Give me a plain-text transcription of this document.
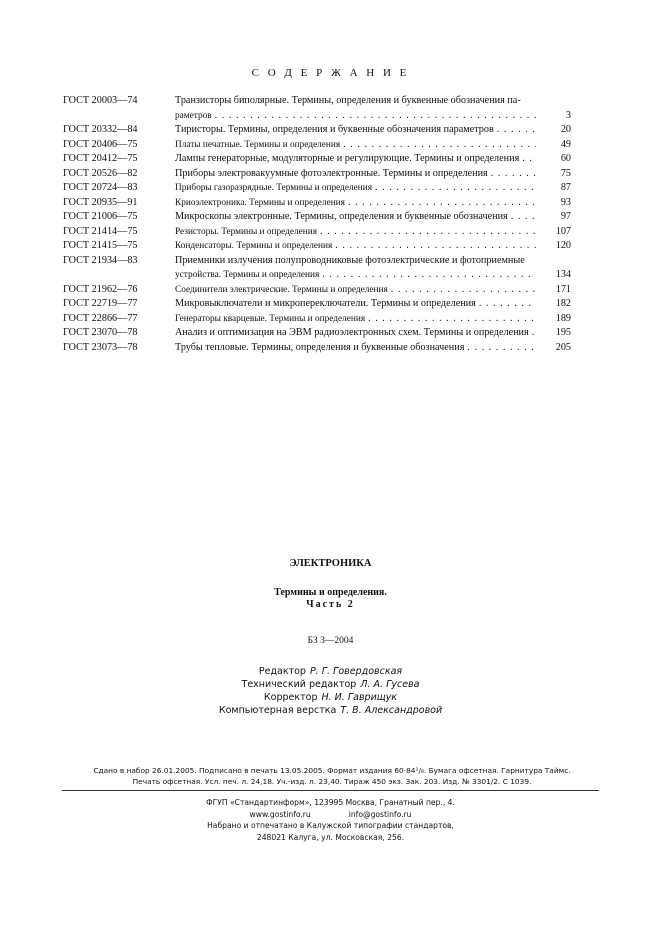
С О Д Е Р Ж А Н И Е
ГОСТ 20003—74	Транзисторы биполярные. Термины, определения и буквенные обозначения па-
раметров . . .	3
ГОСТ 20332—84	Тиристоры. Термины, определения и буквенные обозначения параметров . . .	20
ГОСТ 20406—75	Платы печатные. Термины и определения . . .	49
ГОСТ 20412—75	Лампы генераторные, модуляторные и регулирующие. Термины и определения . . .	60
ГОСТ 20526—82	Приборы электровакуумные фотоэлектронные. Термины и определения . . .	75
ГОСТ 20724—83	Приборы газоразрядные. Термины и определения . . .	87
ГОСТ 20935—91	Криоэлектроника. Термины и определения . . .	93
ГОСТ 21006—75	Микроскопы электронные. Термины, определения и буквенные обозначения . . .	97
ГОСТ 21414—75	Резисторы. Термины и определения . . .	107
ГОСТ 21415—75	Конденсаторы. Термины и определения . . .	120
ГОСТ 21934—83	Приемники излучения полупроводниковые фотоэлектрические и фотоприемные
устройства. Термины и определения . . .	134
ГОСТ 21962—76	Соединители электрические. Термины и определения . . .	171
ГОСТ 22719—77	Микровыключатели и микропереключатели. Термины и определения . . .	182
ГОСТ 22866—77	Генераторы кварцевые. Термины и определения . . .	189
ГОСТ 23070—78	Анализ и оптимизация на ЭВМ радиоэлектронных схем. Термины и определения . . .	195
ГОСТ 23073—78	Трубы тепловые. Термины, определения и буквенные обозначения . . .	205
ЭЛЕКТРОНИКА
Термины и определения.
Часть 2
БЗ 3—2004
Редактор Р. Г. Говердовская
Технический редактор Л. А. Гусева
Корректор Н. И. Гаврищук
Компьютерная верстка Т. В. Александровой
Сдано в набор 26.01.2005. Подписано в печать 13.05.2005. Формат издания 60·84¹/₈. Бумага офсетная. Гарнитура Таймс.
Печать офсетная. Усл. печ. л. 24,18. Уч.-изд. л. 23,40. Тираж 450 экз. Зак. 203. Изд. № 3301/2. С 1039.
ФГУП «Стандартинформ», 123995 Москва, Гранатный пер., 4.
www.gostinfo.ru	info@gostinfo.ru
Набрано и отпечатано в Калужской типографии стандартов,
248021 Калуга, ул. Московская, 256.
